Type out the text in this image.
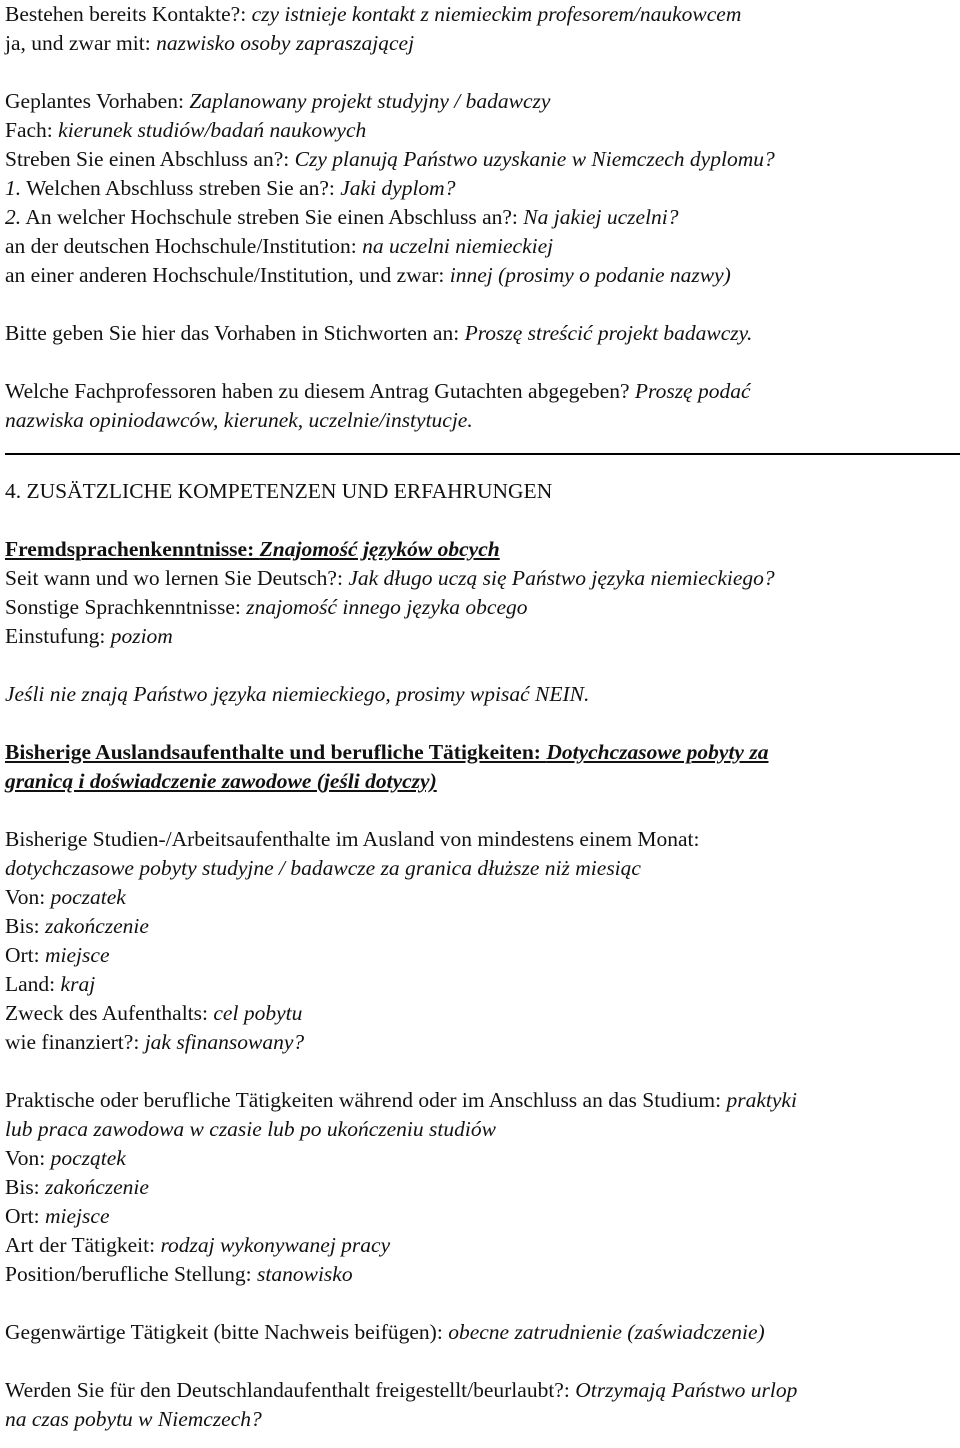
Bestehen bereits Kontakte?: czy istnieje kontakt z niemieckim profesorem/naukowcem
ja, und zwar mit: nazwisko osoby zapraszającej
Geplantes Vorhaben: Zaplanowany projekt studyjny / badawczy
Fach: kierunek studiów/badań naukowych
Streben Sie einen Abschluss an?: Czy planują Państwo uzyskanie w Niemczech dyplomu?
1. Welchen Abschluss streben Sie an?: Jaki dyplom?
2. An welcher Hochschule streben Sie einen Abschluss an?: Na jakiej uczelni?
an der deutschen Hochschule/Institution: na uczelni niemieckiej
an einer anderen Hochschule/Institution, und zwar: innej (prosimy o podanie nazwy)
Bitte geben Sie hier das Vorhaben in Stichworten an: Proszę streścić projekt badawczy.
Welche Fachprofessoren haben zu diesem Antrag Gutachten abgegeben? Proszę podać
nazwiska opiniodawców, kierunek, uczelnie/instytucje.
4. ZUSÄTZLICHE KOMPETENZEN UND ERFAHRUNGEN
Fremdsprachenkenntnisse: Znajomość języków obcych
Seit wann und wo lernen Sie Deutsch?: Jak długo uczą się Państwo języka niemieckiego?
Sonstige Sprachkenntnisse: znajomość innego języka obcego
Einstufung: poziom
Jeśli nie znają Państwo języka niemieckiego, prosimy wpisać NEIN.
Bisherige Auslandsaufenthalte und berufliche Tätigkeiten: Dotychczasowe pobyty za
granicą i doświadczenie zawodowe (jeśli dotyczy)
Bisherige Studien-/Arbeitsaufenthalte im Ausland von mindestens einem Monat:
dotychczasowe pobyty studyjne / badawcze za granica dłuższe niż miesiąc
Von: poczatek
Bis: zakończenie
Ort: miejsce
Land: kraj
Zweck des Aufenthalts: cel pobytu
wie finanziert?: jak sfinansowany?
Praktische oder berufliche Tätigkeiten während oder im Anschluss an das Studium: praktyki
lub praca zawodowa w czasie lub po ukończeniu studiów
Von: początek
Bis: zakończenie
Ort: miejsce
Art der Tätigkeit: rodzaj wykonywanej pracy
Position/berufliche Stellung: stanowisko
Gegenwärtige Tätigkeit (bitte Nachweis beifügen): obecne zatrudnienie (zaświadczenie)
Werden Sie für den Deutschlandaufenthalt freigestellt/beurlaubt?: Otrzymają Państwo urlop
na czas pobytu w Niemczech?
